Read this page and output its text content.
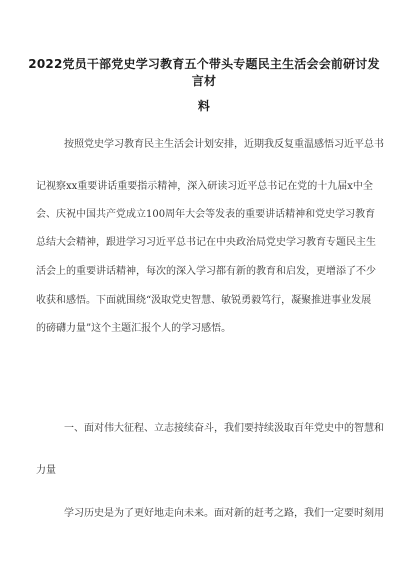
2022党员干部党史学习教育五个带头专题民主生活会会前研讨发言材
料
按照党史学习教育民主生活会计划安排，近期我反复重温感悟习近平总书
记视察xx重要讲话重要指示精神，深入研读习近平总书记在党的十九届x中全
会、庆祝中国共产党成立100周年大会等发表的重要讲话精神和党史学习教育
总结大会精神，跟进学习习近平总书记在中央政治局党史学习教育专题民主生
活会上的重要讲话精神，每次的深入学习都有新的教育和启发，更增添了不少
收获和感悟。下面就围绕“汲取党史智慧、敏锐勇毅笃行，凝聚推进事业发展
的磅礴力量”这个主题汇报个人的学习感悟。
一、面对伟大征程、立志接续奋斗，我们要持续汲取百年党史中的智慧和
力量
学习历史是为了更好地走向未来。面对新的赶考之路，我们一定要时刻用
